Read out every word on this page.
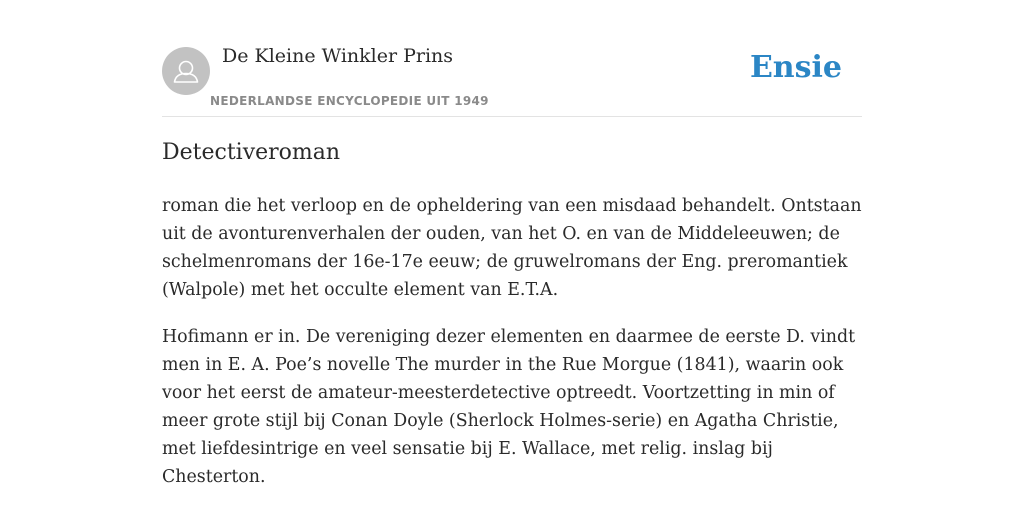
De Kleine Winkler Prins
NEDERLANDSE ENCYCLOPEDIE UIT 1949
Ensie
Detectiveroman

roman die het verloop en de opheldering van een misdaad behandelt. Ontstaan uit de avonturenverhalen der ouden, van het O. en van de Middeleeuwen; de schelmenromans der 16e-17e eeuw; de gruwelromans der Eng. preromantiek (Walpole) met het occulte element van E.T.A.

Hofimann er in. De vereniging dezer elementen en daarmee de eerste D. vindt men in E. A. Poe’s novelle The murder in the Rue Morgue (1841), waarin ook voor het eerst de amateur-meesterdetective optreedt. Voortzetting in min of meer grote stijl bij Conan Doyle (Sherlock Holmes-serie) en Agatha Christie, met liefdesintrige en veel sensatie bij E. Wallace, met relig. inslag bij Chesterton.
